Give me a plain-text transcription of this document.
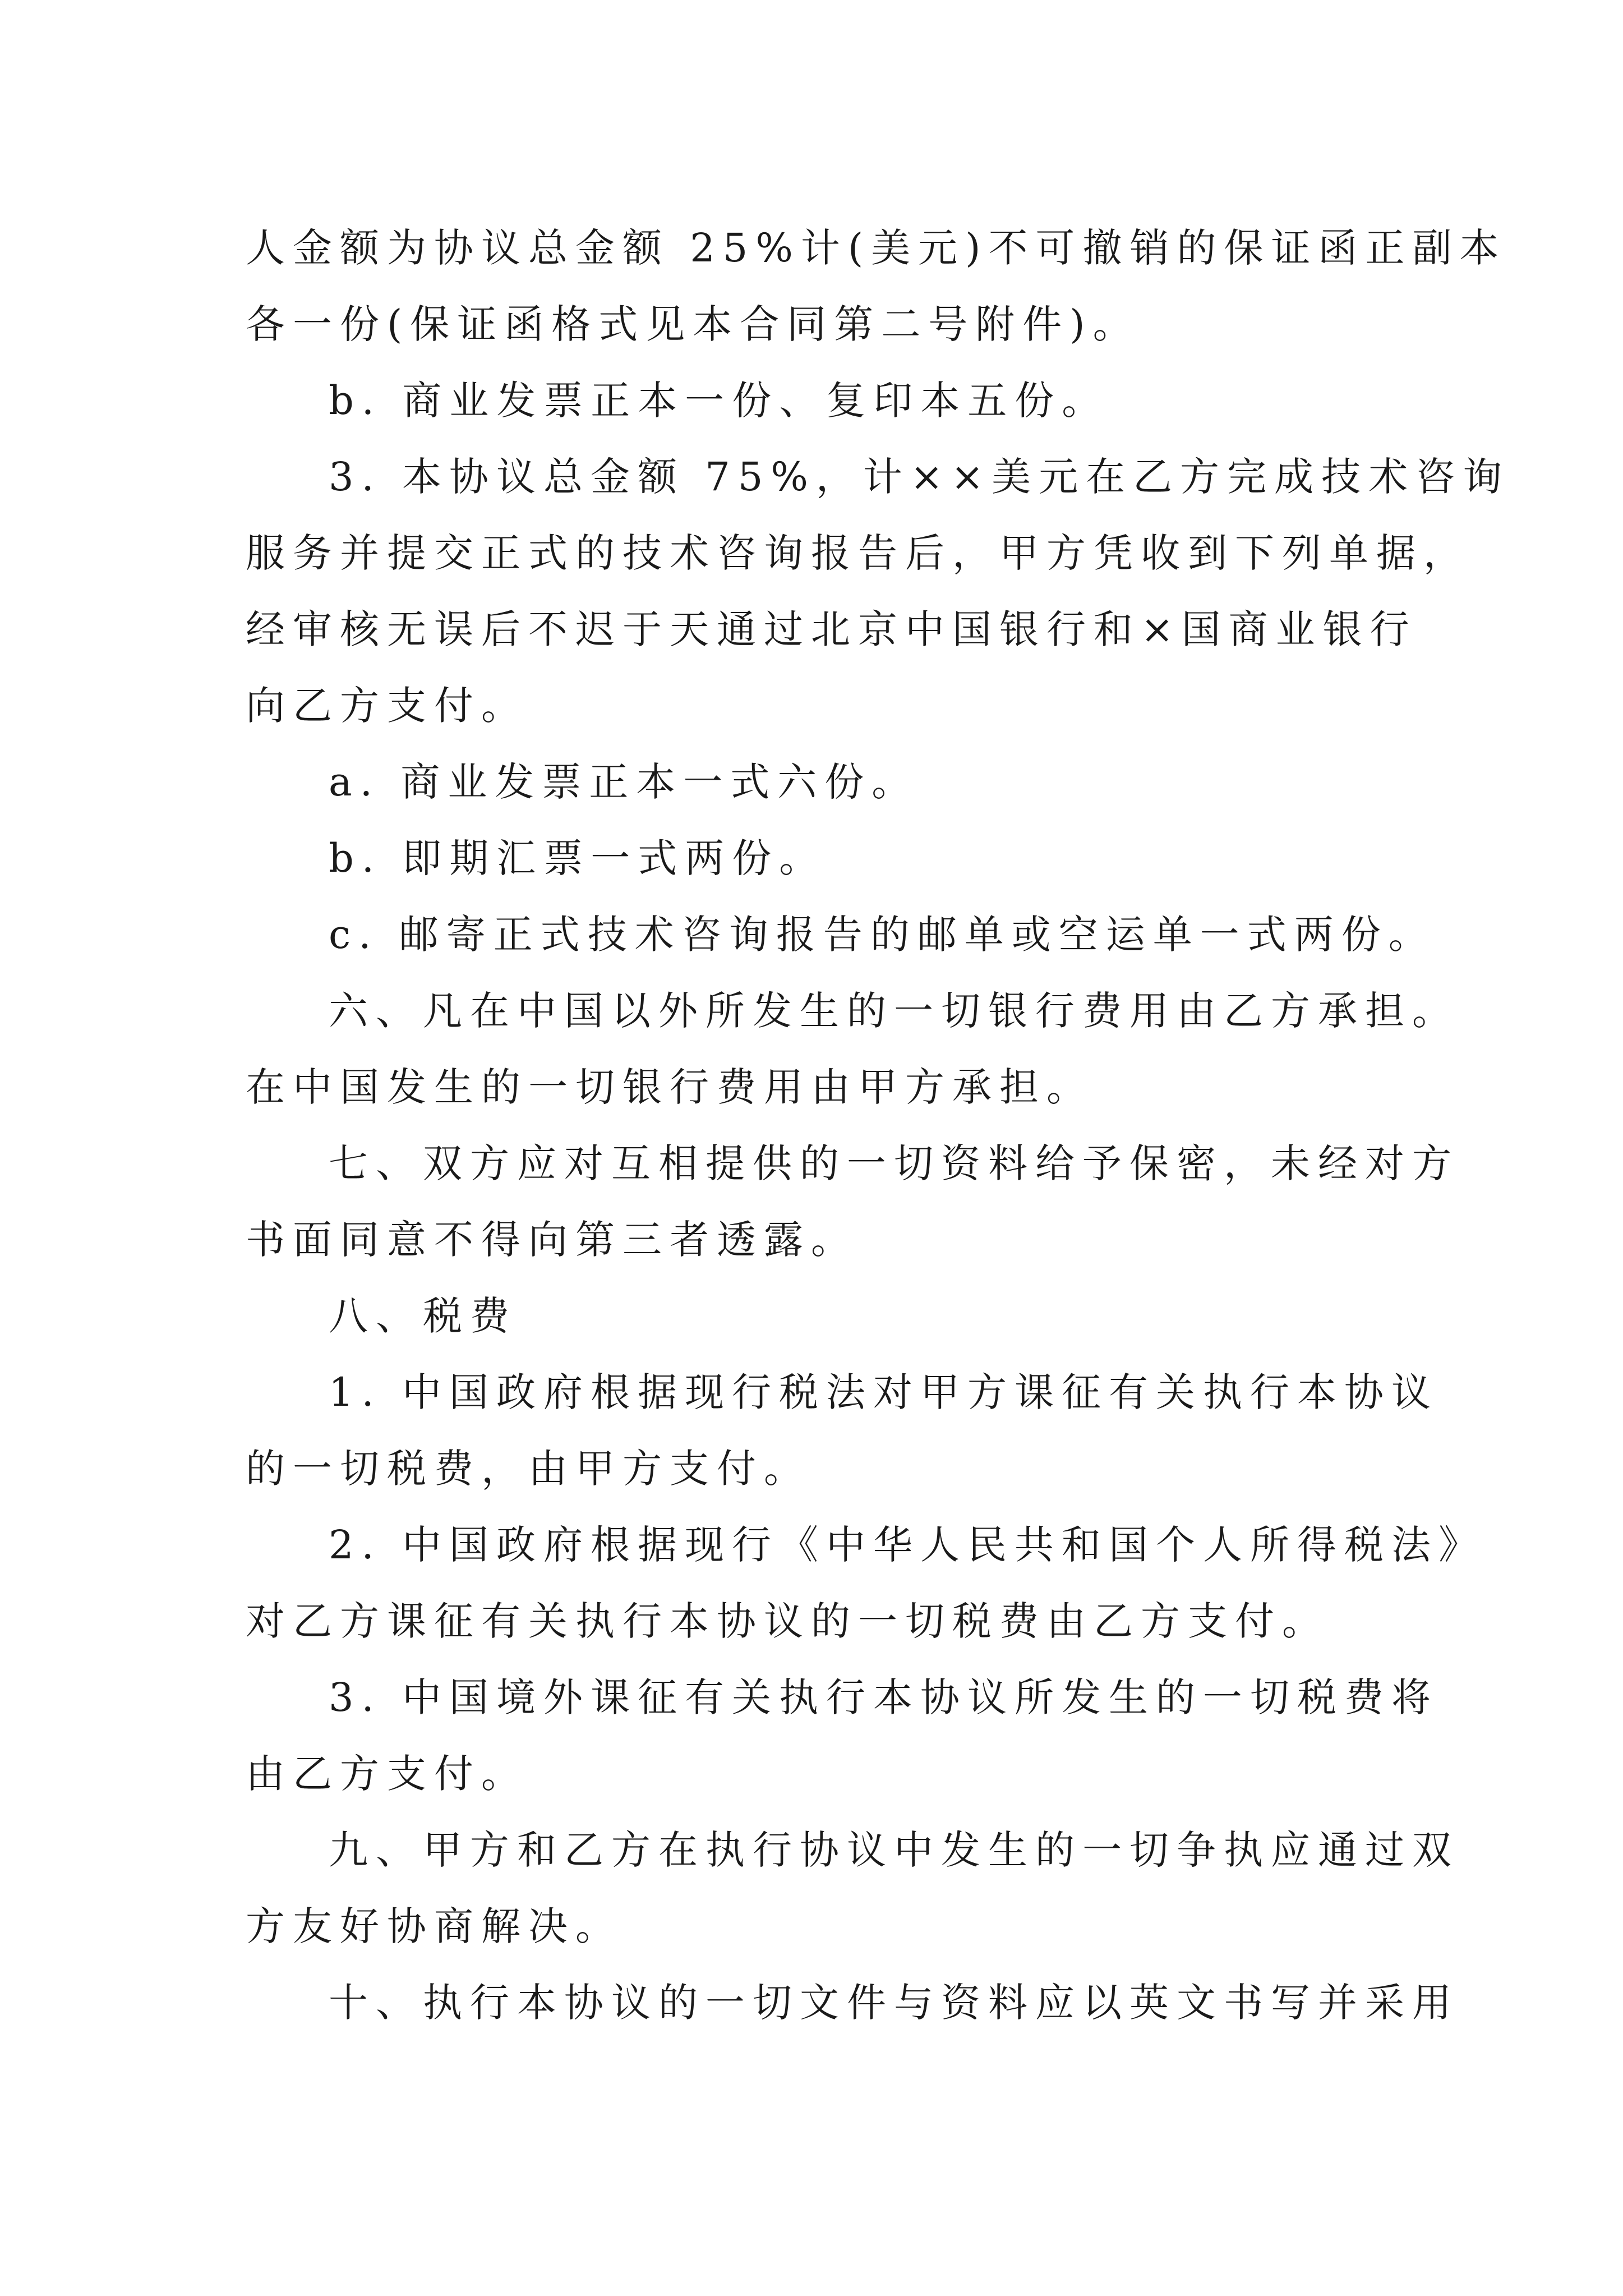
人金额为协议总金额 25%计(美元)不可撤销的保证函正副本

各一份(保证函格式见本合同第二号附件)。

b. 商业发票正本一份、复印本五份。

3. 本协议总金额 75%，计××美元在乙方完成技术咨询

服务并提交正式的技术咨询报告后，甲方凭收到下列单据，

经审核无误后不迟于天通过北京中国银行和×国商业银行

向乙方支付。

a. 商业发票正本一式六份。

b. 即期汇票一式两份。

c. 邮寄正式技术咨询报告的邮单或空运单一式两份。

六、凡在中国以外所发生的一切银行费用由乙方承担。

在中国发生的一切银行费用由甲方承担。

七、双方应对互相提供的一切资料给予保密，未经对方

书面同意不得向第三者透露。

八、税费

1. 中国政府根据现行税法对甲方课征有关执行本协议

的一切税费，由甲方支付。

2. 中国政府根据现行《中华人民共和国个人所得税法》

对乙方课征有关执行本协议的一切税费由乙方支付。

3. 中国境外课征有关执行本协议所发生的一切税费将

由乙方支付。

九、甲方和乙方在执行协议中发生的一切争执应通过双

方友好协商解决。

十、执行本协议的一切文件与资料应以英文书写并采用
